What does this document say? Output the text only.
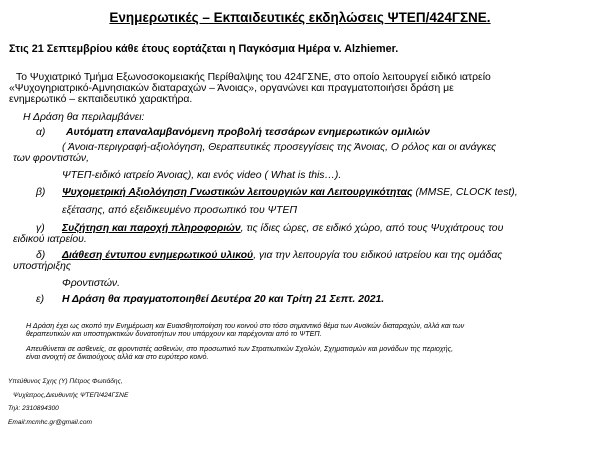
Ενημερωτικές – Εκπαιδευτικές εκδηλώσεις ΨΤΕΠ/424ΓΣΝΕ.
Στις 21 Σεπτεμβρίου κάθε έτους εορτάζεται η Παγκόσμια Ημέρα v. Alzhiemer.
Το Ψυχιατρικό Τμήμα Εξωνοσοκομειακής Περίθαλψης του 424ΓΣΝΕ, στο οποίο λειτουργεί ειδικό ιατρείο
«Ψυχογηριατρικό-Αμνησιακών διαταραχών – Άνοιας», οργανώνει και πραγματοποιήσει δράση με
ενημερωτικό – εκπαιδευτικό χαρακτήρα.
Η Δράση θα περιλαμβάνει:
α) Αυτόματη επαναλαμβανόμενη προβολή τεσσάρων ενημερωτικών ομιλιών
( Άνοια-περιγραφή-αξιολόγηση, Θεραπευτικές προσεγγίσεις της Άνοιας, Ο ρόλος και οι ανάγκες
των φροντιστών,
ΨΤΕΠ-ειδικό ιατρείο Άνοιας), και ενός video ( What is this…).
β) Ψυχομετρική Αξιολόγηση Γνωστικών λειτουργιών και Λειτουργικότητας (MMSE, CLOCK test),
εξέτασης, από εξειδικευμένο προσωπικό του ΨΤΕΠ
γ) Συζήτηση και παροχή πληροφοριών, τις ίδιες ώρες, σε ειδικό χώρο, από τους Ψυχιάτρους του
ειδικού ιατρείου.
δ) Διάθεση έντυπου ενημερωτικού υλικού, για την λειτουργία του ειδικού ιατρείου και της ομάδας
υποστήριξης
Φροντιστών.
ε) Η Δράση θα πραγματοποιηθεί Δευτέρα 20 και Τρίτη 21 Σεπτ. 2021.
Η Δράση έχει ως σκοπό την Ενημέρωση και Ευαισθητοποίηση του κοινού στο τόσο σημαντικό θέμα των Ανοϊκών διαταραχών, αλλά και των
θεραπευτικών και υποστηρικτικών δυνατοτήτων που υπάρχουν και παρέχονται από το ΨΤΕΠ.
Απευθύνεται σε ασθενείς, σε φροντιστές ασθενών, στο προσωπικό των Στρατιωτικών Σχολών, Σχηματισμών και μονάδων της περιοχής,
είναι ανοιχτή σε δικαιούχους αλλά και στο ευρύτερο κοινό.
Υπεύθυνος Σχης (Υ) Πέτρος Φωτιάδης,
Ψυχίατρος,Διευθυντής ΨΤΕΠ/424ΓΣΝΕ
Τηλ: 2310894300
Email:mcmhc.gr@gmail.com
